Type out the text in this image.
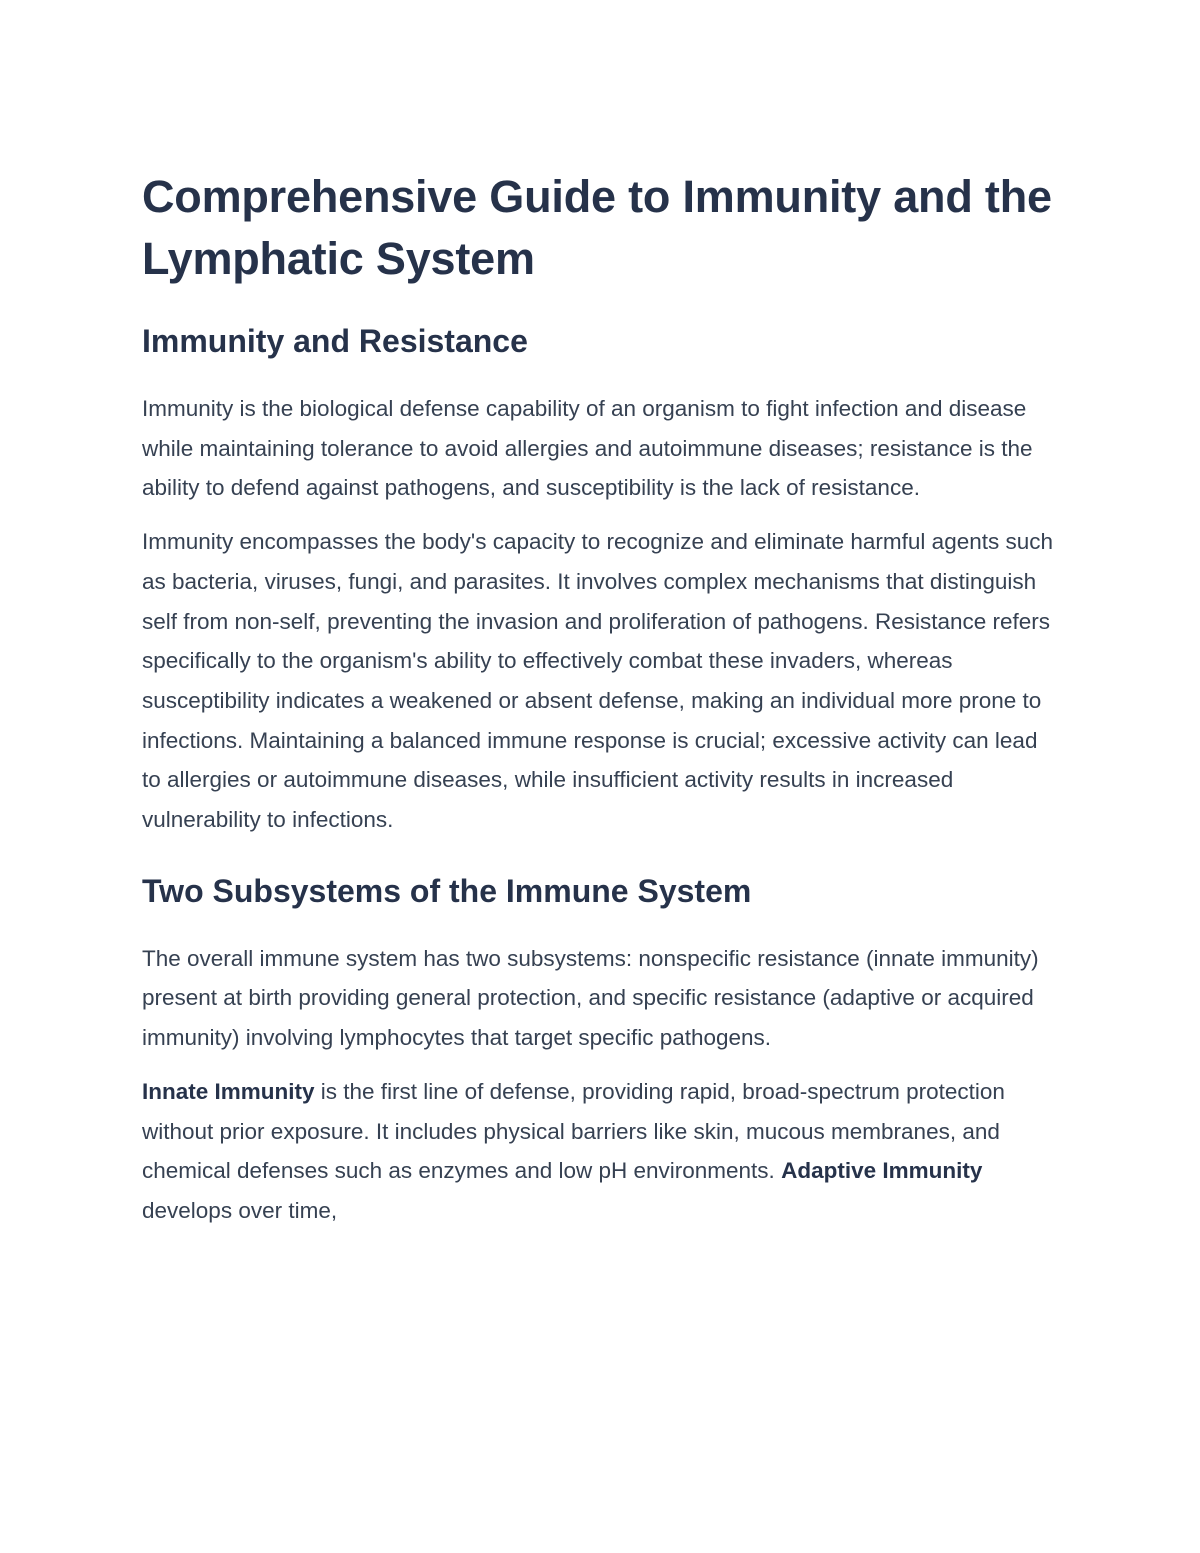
Comprehensive Guide to Immunity and the Lymphatic System
Immunity and Resistance

Immunity is the biological defense capability of an organism to fight infection and disease while maintaining tolerance to avoid allergies and autoimmune diseases; resistance is the ability to defend against pathogens, and susceptibility is the lack of resistance.

Immunity encompasses the body's capacity to recognize and eliminate harmful agents such as bacteria, viruses, fungi, and parasites. It involves complex mechanisms that distinguish self from non-self, preventing the invasion and proliferation of pathogens. Resistance refers specifically to the organism's ability to effectively combat these invaders, whereas susceptibility indicates a weakened or absent defense, making an individual more prone to infections. Maintaining a balanced immune response is crucial; excessive activity can lead to allergies or autoimmune diseases, while insufficient activity results in increased vulnerability to infections.

Two Subsystems of the Immune System

The overall immune system has two subsystems: nonspecific resistance (innate immunity) present at birth providing general protection, and specific resistance (adaptive or acquired immunity) involving lymphocytes that target specific pathogens.

Innate Immunity is the first line of defense, providing rapid, broad-spectrum protection without prior exposure. It includes physical barriers like skin, mucous membranes, and chemical defenses such as enzymes and low pH environments. Adaptive Immunity develops over time,
